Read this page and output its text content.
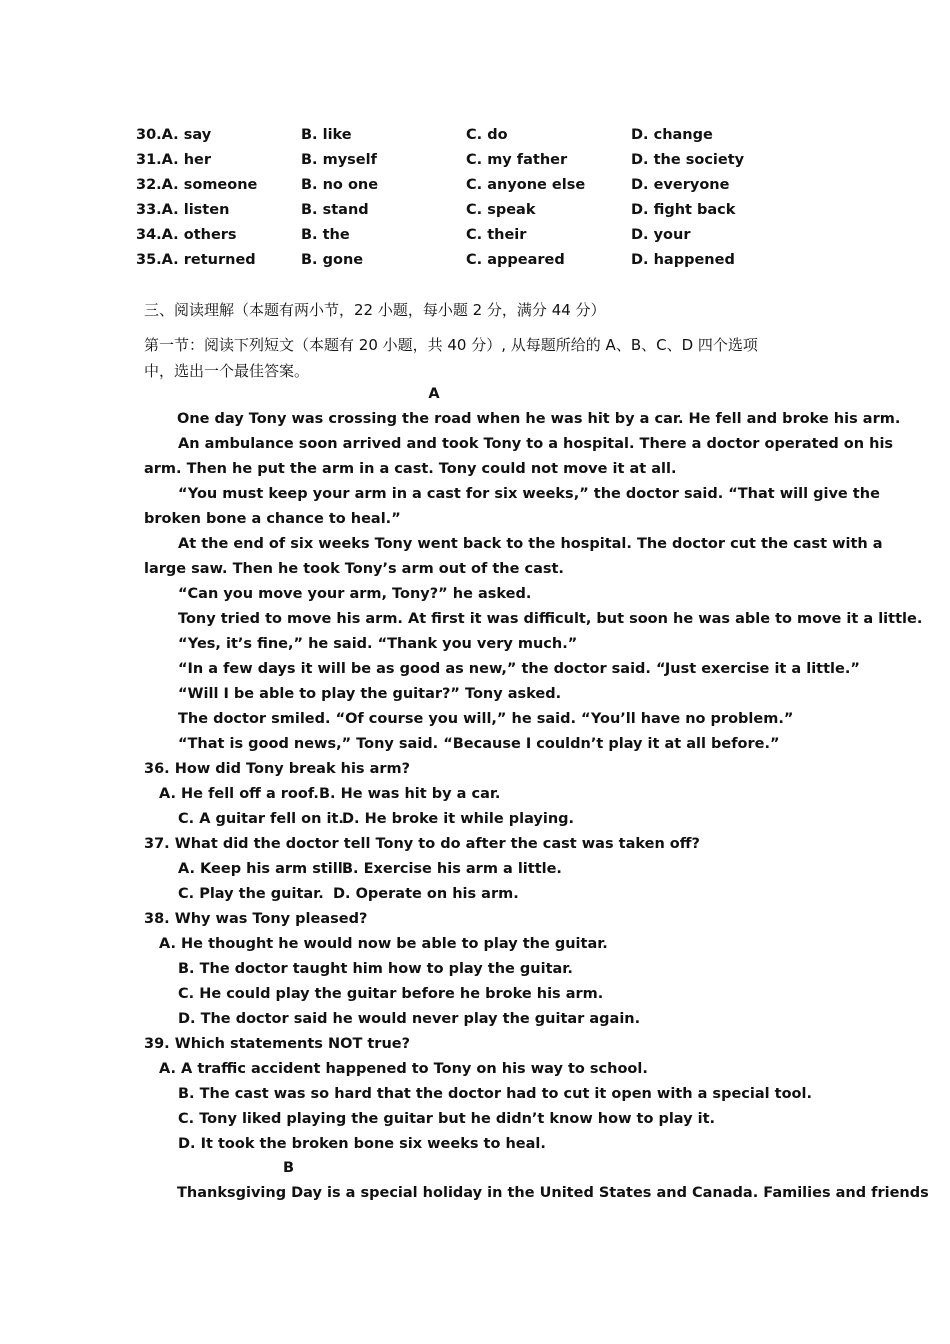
30.A. say	B. like	C. do	D. change
31.A. her	B. myself	C. my father	D. the society
32.A. someone	B. no one	C. anyone else	D. everyone
33.A. listen	B. stand	C. speak	D. fight back
34.A. others	B. the	C. their	D. your
35.A. returned	B. gone	C. appeared	D. happened
三、阅读理解（本题有两小节，22 小题，每小题 2 分，满分 44 分）
第一节：阅读下列短文（本题有 20 小题，共 40 分）, 从每题所给的 A、B、C、D 四个选项
中，选出一个最佳答案。
A
One day Tony was crossing the road when he was hit by a car. He fell and broke his arm.
An ambulance soon arrived and took Tony to a hospital. There a doctor operated on his
arm. Then he put the arm in a cast. Tony could not move it at all.
“You must keep your arm in a cast for six weeks,” the doctor said. “That will give the
broken bone a chance to heal.”
At the end of six weeks Tony went back to the hospital. The doctor cut the cast with a
large saw. Then he took Tony’s arm out of the cast.
“Can you move your arm, Tony?” he asked.
Tony tried to move his arm. At first it was difficult, but soon he was able to move it a little.
“Yes, it’s fine,” he said. “Thank you very much.”
“In a few days it will be as good as new,” the doctor said. “Just exercise it a little.”
“Will I be able to play the guitar?” Tony asked.
The doctor smiled. “Of course you will,” he said. “You’ll have no problem.”
“That is good news,” Tony said. “Because I couldn’t play it at all before.”
36. How did Tony break his arm?
A. He fell off a roof.B. He was hit by a car.
C. A guitar fell on it.D. He broke it while playing.
37. What did the doctor tell Tony to do after the cast was taken off?
A. Keep his arm still.B. Exercise his arm a little.
C. Play the guitar. D. Operate on his arm.
38. Why was Tony pleased?
A. He thought he would now be able to play the guitar.
B. The doctor taught him how to play the guitar.
C. He could play the guitar before he broke his arm.
D. The doctor said he would never play the guitar again.
39. Which statements NOT true?
A. A traffic accident happened to Tony on his way to school.
B. The cast was so hard that the doctor had to cut it open with a special tool.
C. Tony liked playing the guitar but he didn’t know how to play it.
D. It took the broken bone six weeks to heal.
B
Thanksgiving Day is a special holiday in the United States and Canada. Families and friends
